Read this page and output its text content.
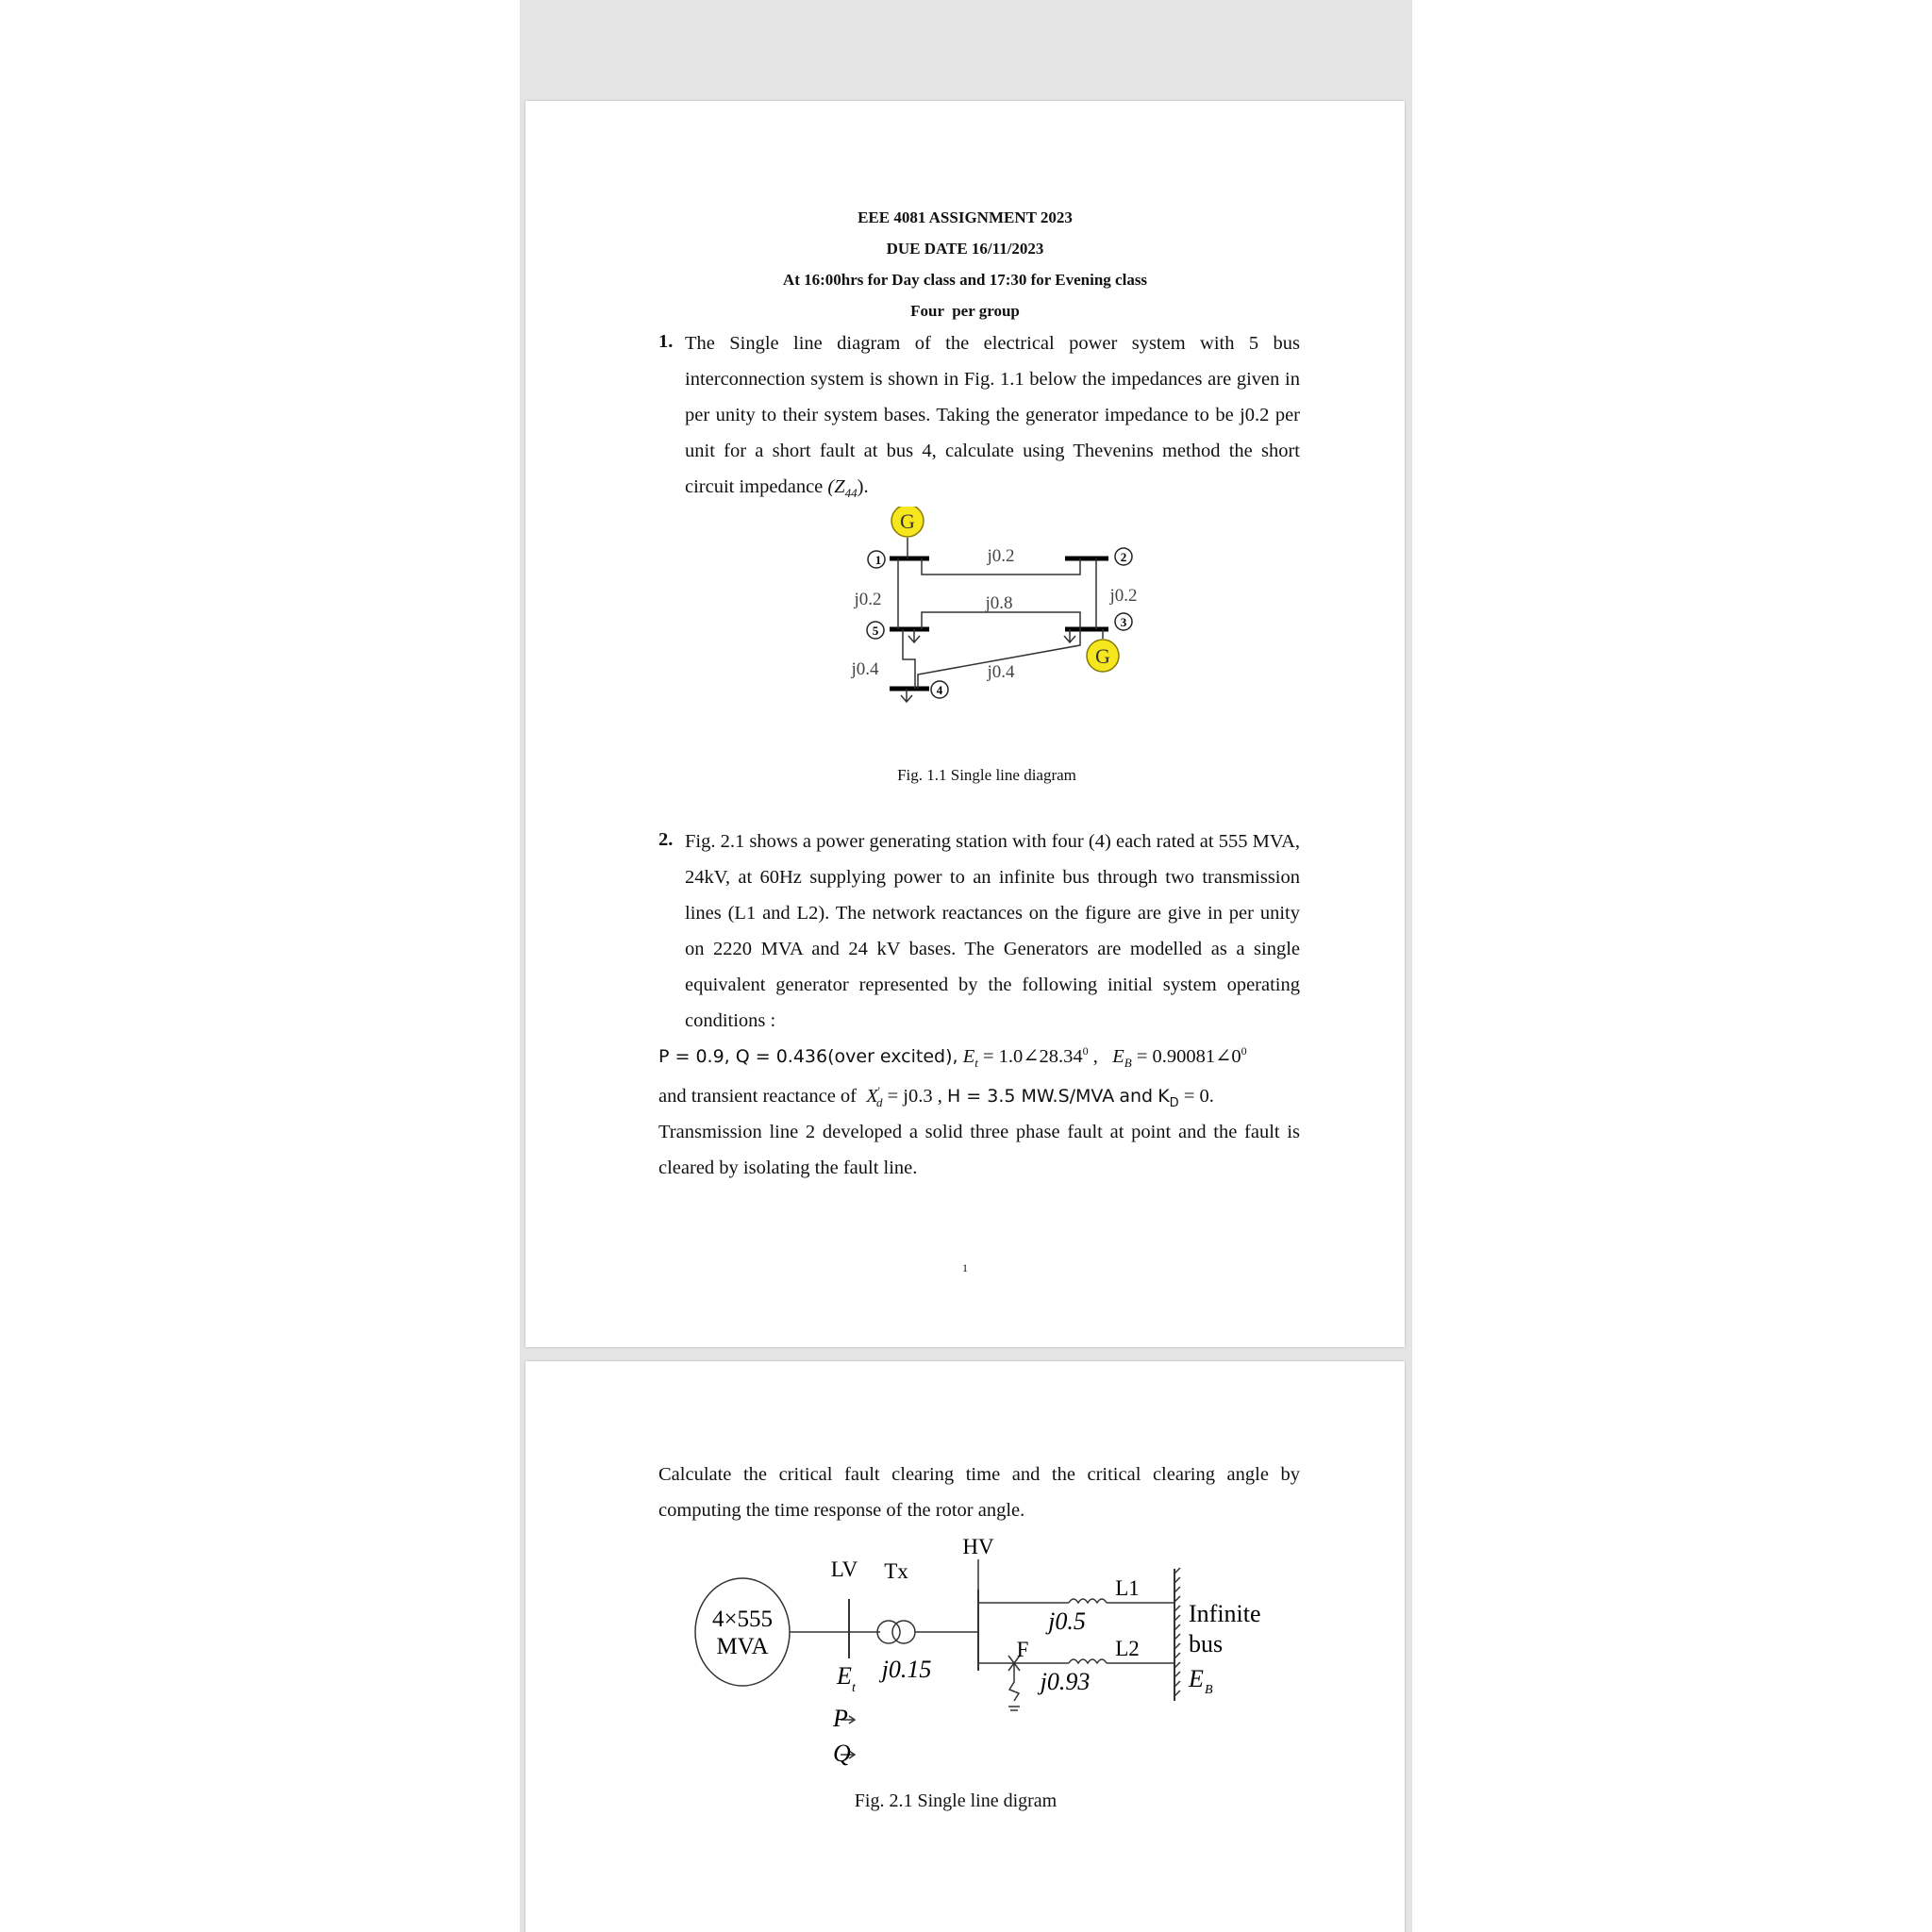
EEE 4081 ASSIGNMENT 2023
DUE DATE 16/11/2023
At 16:00hrs for Day class and 17:30 for Evening class
Four  per group
1. The Single line diagram of the electrical power system with 5 bus interconnection system is shown in Fig. 1.1 below the impedances are given in per unity to their system bases. Taking the generator impedance to be j0.2 per unit for a short fault at bus 4, calculate using Thevenins method the short circuit impedance $(Z_{44})$.
G
G
1	2
3
5
4
j0.2
j0.2	j0.2
j0.8
j0.4	j0.4
Fig. 1.1 Single line diagram
2. Fig. 2.1 shows a power generating station with four (4) each rated at 555 MVA, 24kV, at 60Hz supplying power to an infinite bus through two transmission lines (L1 and L2). The network reactances on the figure are give in per unity on 2220 MVA and 24 kV bases. The Generators are modelled as a single equivalent generator represented by the following initial system operating conditions :
P = 0.9, Q = 0.436(over excited), $E_t$ = $1.0\angle 28.34^0$ ,   $E_B$ = $0.90081\angle 0^0$
and transient reactance of $X'_d = j0.3$ , H = 3.5 MW.S/MVA and $K_D = 0$.
Transmission line 2 developed a solid three phase fault at point and the fault is cleared by isolating the fault line.
1
Calculate the critical fault clearing time and the critical clearing angle by computing the time response of the rotor angle.
4×555
MVA
HV
LV Tx
j0.15
E t
P
Q
L1
L2
j0.5
j0.93
F
Infinite
bus
E B
Fig. 2.1 Single line digram
